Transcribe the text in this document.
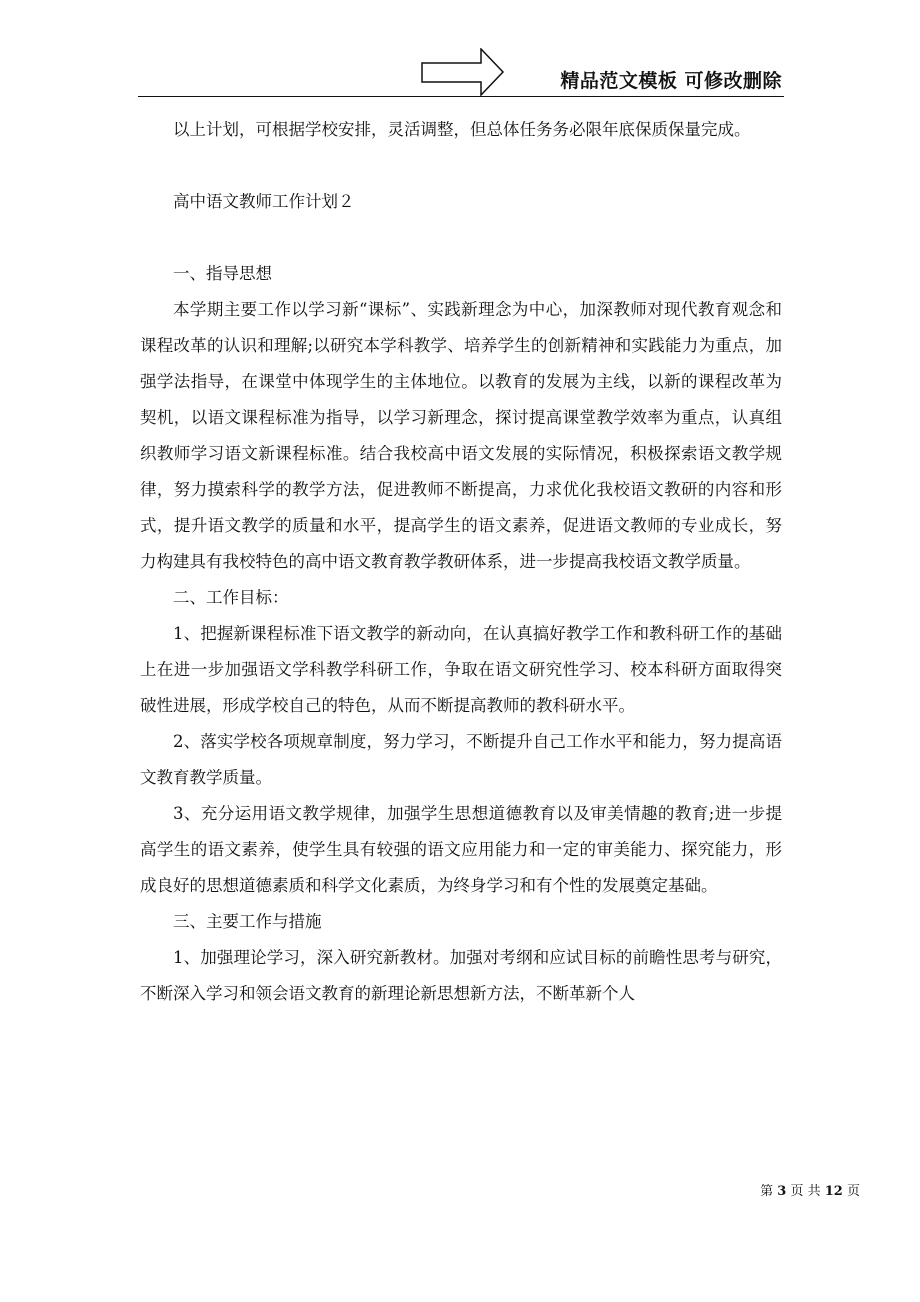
精品范文模板 可修改删除

以上计划，可根据学校安排，灵活调整，但总体任务务必限年底保质保量完成。

高中语文教师工作计划２

一、指导思想

本学期主要工作以学习新“课标”、实践新理念为中心，加深教师对现代教育观念和课程改革的认识和理解;以研究本学科教学、培养学生的创新精神和实践能力为重点，加强学法指导，在课堂中体现学生的主体地位。以教育的发展为主线，以新的课程改革为契机，以语文课程标准为指导，以学习新理念，探讨提高课堂教学效率为重点，认真组织教师学习语文新课程标准。结合我校高中语文发展的实际情况，积极探索语文教学规律，努力摸索科学的教学方法，促进教师不断提高，力求优化我校语文教研的内容和形式，提升语文教学的质量和水平，提高学生的语文素养，促进语文教师的专业成长，努力构建具有我校特色的高中语文教育教学教研体系，进一步提高我校语文教学质量。

二、工作目标：

1、把握新课程标准下语文教学的新动向，在认真搞好教学工作和教科研工作的基础上在进一步加强语文学科教学科研工作，争取在语文研究性学习、校本科研方面取得突破性进展，形成学校自己的特色，从而不断提高教师的教科研水平。

2、落实学校各项规章制度，努力学习，不断提升自己工作水平和能力，努力提高语文教育教学质量。

3、充分运用语文教学规律，加强学生思想道德教育以及审美情趣的教育;进一步提高学生的语文素养，使学生具有较强的语文应用能力和一定的审美能力、探究能力，形成良好的思想道德素质和科学文化素质，为终身学习和有个性的发展奠定基础。

三、主要工作与措施

1、加强理论学习，深入研究新教材。加强对考纲和应试目标的前瞻性思考与研究，不断深入学习和领会语文教育的新理论新思想新方法，不断革新个人

第 3 页 共 12 页
